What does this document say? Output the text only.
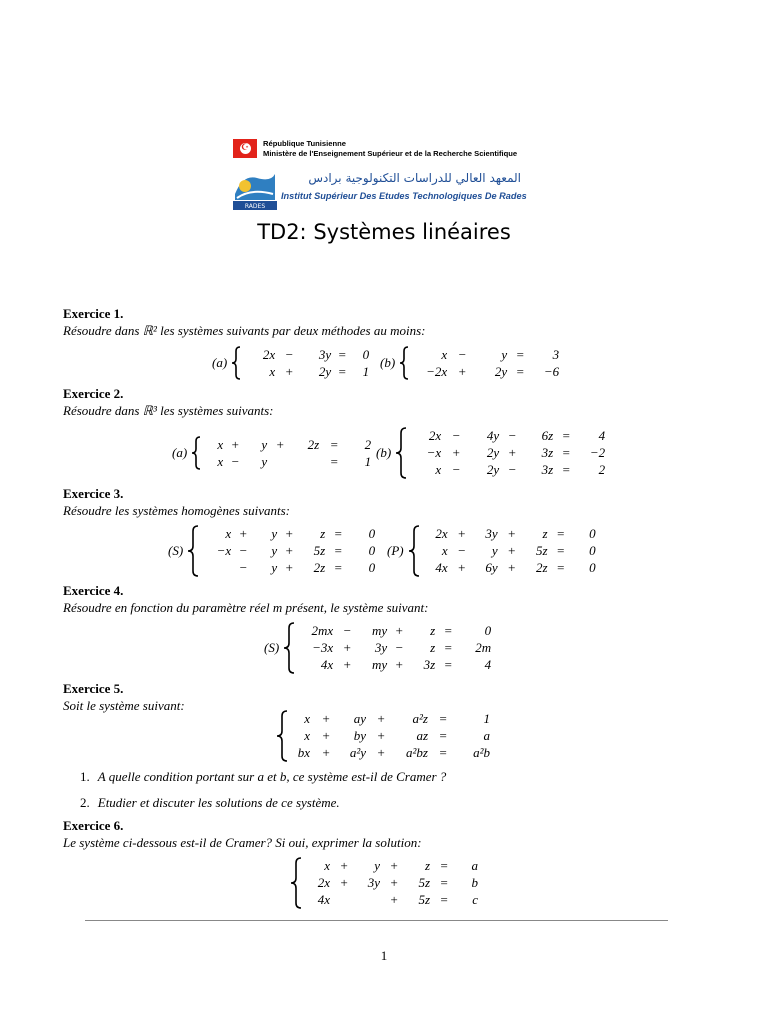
☪ République Tunisienne
Ministère de l'Enseignement Supérieur et de la Recherche Scientifique
RADES
المعهد العالي للدراسات التكنولوجية برادس
Institut Supérieur Des Etudes Technologiques De Rades
TD2: Systèmes linéaires
Exercice 1.
Résoudre dans ℝ² les systèmes suivants par deux méthodes au moins:
(a)
2x	−	3y	=	0
x	+	2y	=	1
(b)
x	−	y	=	3
−2x	+	2y	=	−6
Exercice 3.
Exercice 2.
Résoudre dans ℝ³ les systèmes suivants:
(a)
x	+	y	+	2z	=	2
x	−	y			=	1
(b)
2x	−	4y	−	6z	=	4
−x	+	2y	+	3z	=	−2
x	−	2y	−	3z	=	2
Résoudre les systèmes homogènes suivants:
(S)
x	+	y	+	z	=	0
−x	−	y	+	5z	=	0
	−	y	+	2z	=	0
(P)
2x	+	3y	+	z	=	0
x	−	y	+	5z	=	0
4x	+	6y	+	2z	=	0
Exercice 4.
Résoudre en fonction du paramètre réel m présent, le système suivant:
(S)
2mx	−	my	+	z	=	0
−3x	+	3y	−	z	=	2m
4x	+	my	+	3z	=	4
Exercice 5.
Soit le système suivant:
x	+	ay	+	a²z	=	1
x	+	by	+	az	=	a
bx	+	a²y	+	a²bz	=	a²b
1. A quelle condition portant sur a et b, ce système est-il de Cramer ?
2. Etudier et discuter les solutions de ce système.
Exercice 6.
Le système ci-dessous est-il de Cramer? Si oui, exprimer la solution:
x	+	y	+	z	=	a
2x	+	3y	+	5z	=	b
4x			+	5z	=	c
1
